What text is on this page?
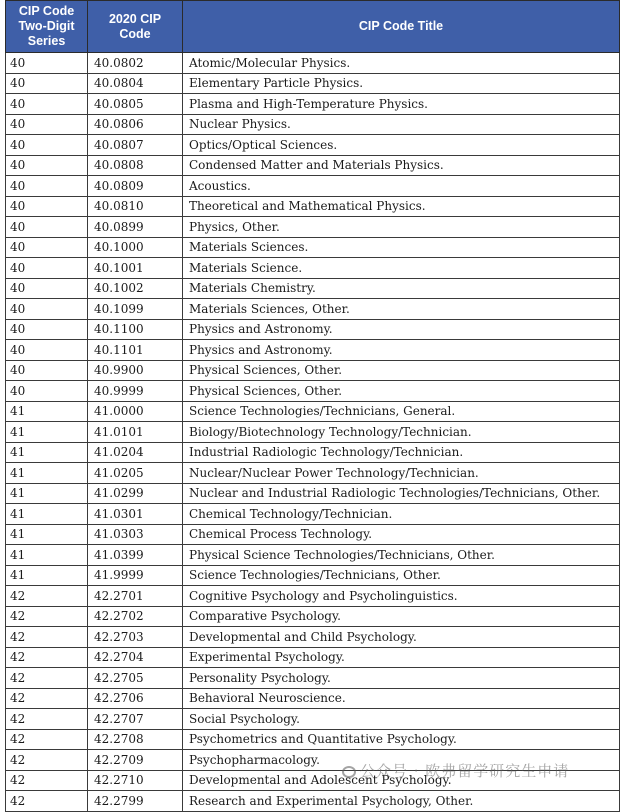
CIP Code Two-Digit Series	2020 CIP Code	CIP Code Title
40	40.0802	Atomic/Molecular Physics.
40	40.0804	Elementary Particle Physics.
40	40.0805	Plasma and High-Temperature Physics.
40	40.0806	Nuclear Physics.
40	40.0807	Optics/Optical Sciences.
40	40.0808	Condensed Matter and Materials Physics.
40	40.0809	Acoustics.
40	40.0810	Theoretical and Mathematical Physics.
40	40.0899	Physics, Other.
40	40.1000	Materials Sciences.
40	40.1001	Materials Science.
40	40.1002	Materials Chemistry.
40	40.1099	Materials Sciences, Other.
40	40.1100	Physics and Astronomy.
40	40.1101	Physics and Astronomy.
40	40.9900	Physical Sciences, Other.
40	40.9999	Physical Sciences, Other.
41	41.0000	Science Technologies/Technicians, General.
41	41.0101	Biology/Biotechnology Technology/Technician.
41	41.0204	Industrial Radiologic Technology/Technician.
41	41.0205	Nuclear/Nuclear Power Technology/Technician.
41	41.0299	Nuclear and Industrial Radiologic Technologies/Technicians, Other.
41	41.0301	Chemical Technology/Technician.
41	41.0303	Chemical Process Technology.
41	41.0399	Physical Science Technologies/Technicians, Other.
41	41.9999	Science Technologies/Technicians, Other.
42	42.2701	Cognitive Psychology and Psycholinguistics.
42	42.2702	Comparative Psychology.
42	42.2703	Developmental and Child Psychology.
42	42.2704	Experimental Psychology.
42	42.2705	Personality Psychology.
42	42.2706	Behavioral Neuroscience.
42	42.2707	Social Psychology.
42	42.2708	Psychometrics and Quantitative Psychology.
42	42.2709	Psychopharmacology.
42	42.2710	Developmental and Adolescent Psychology.
42	42.2799	Research and Experimental Psychology, Other.
公众号 · 欧弗留学研究生申请
